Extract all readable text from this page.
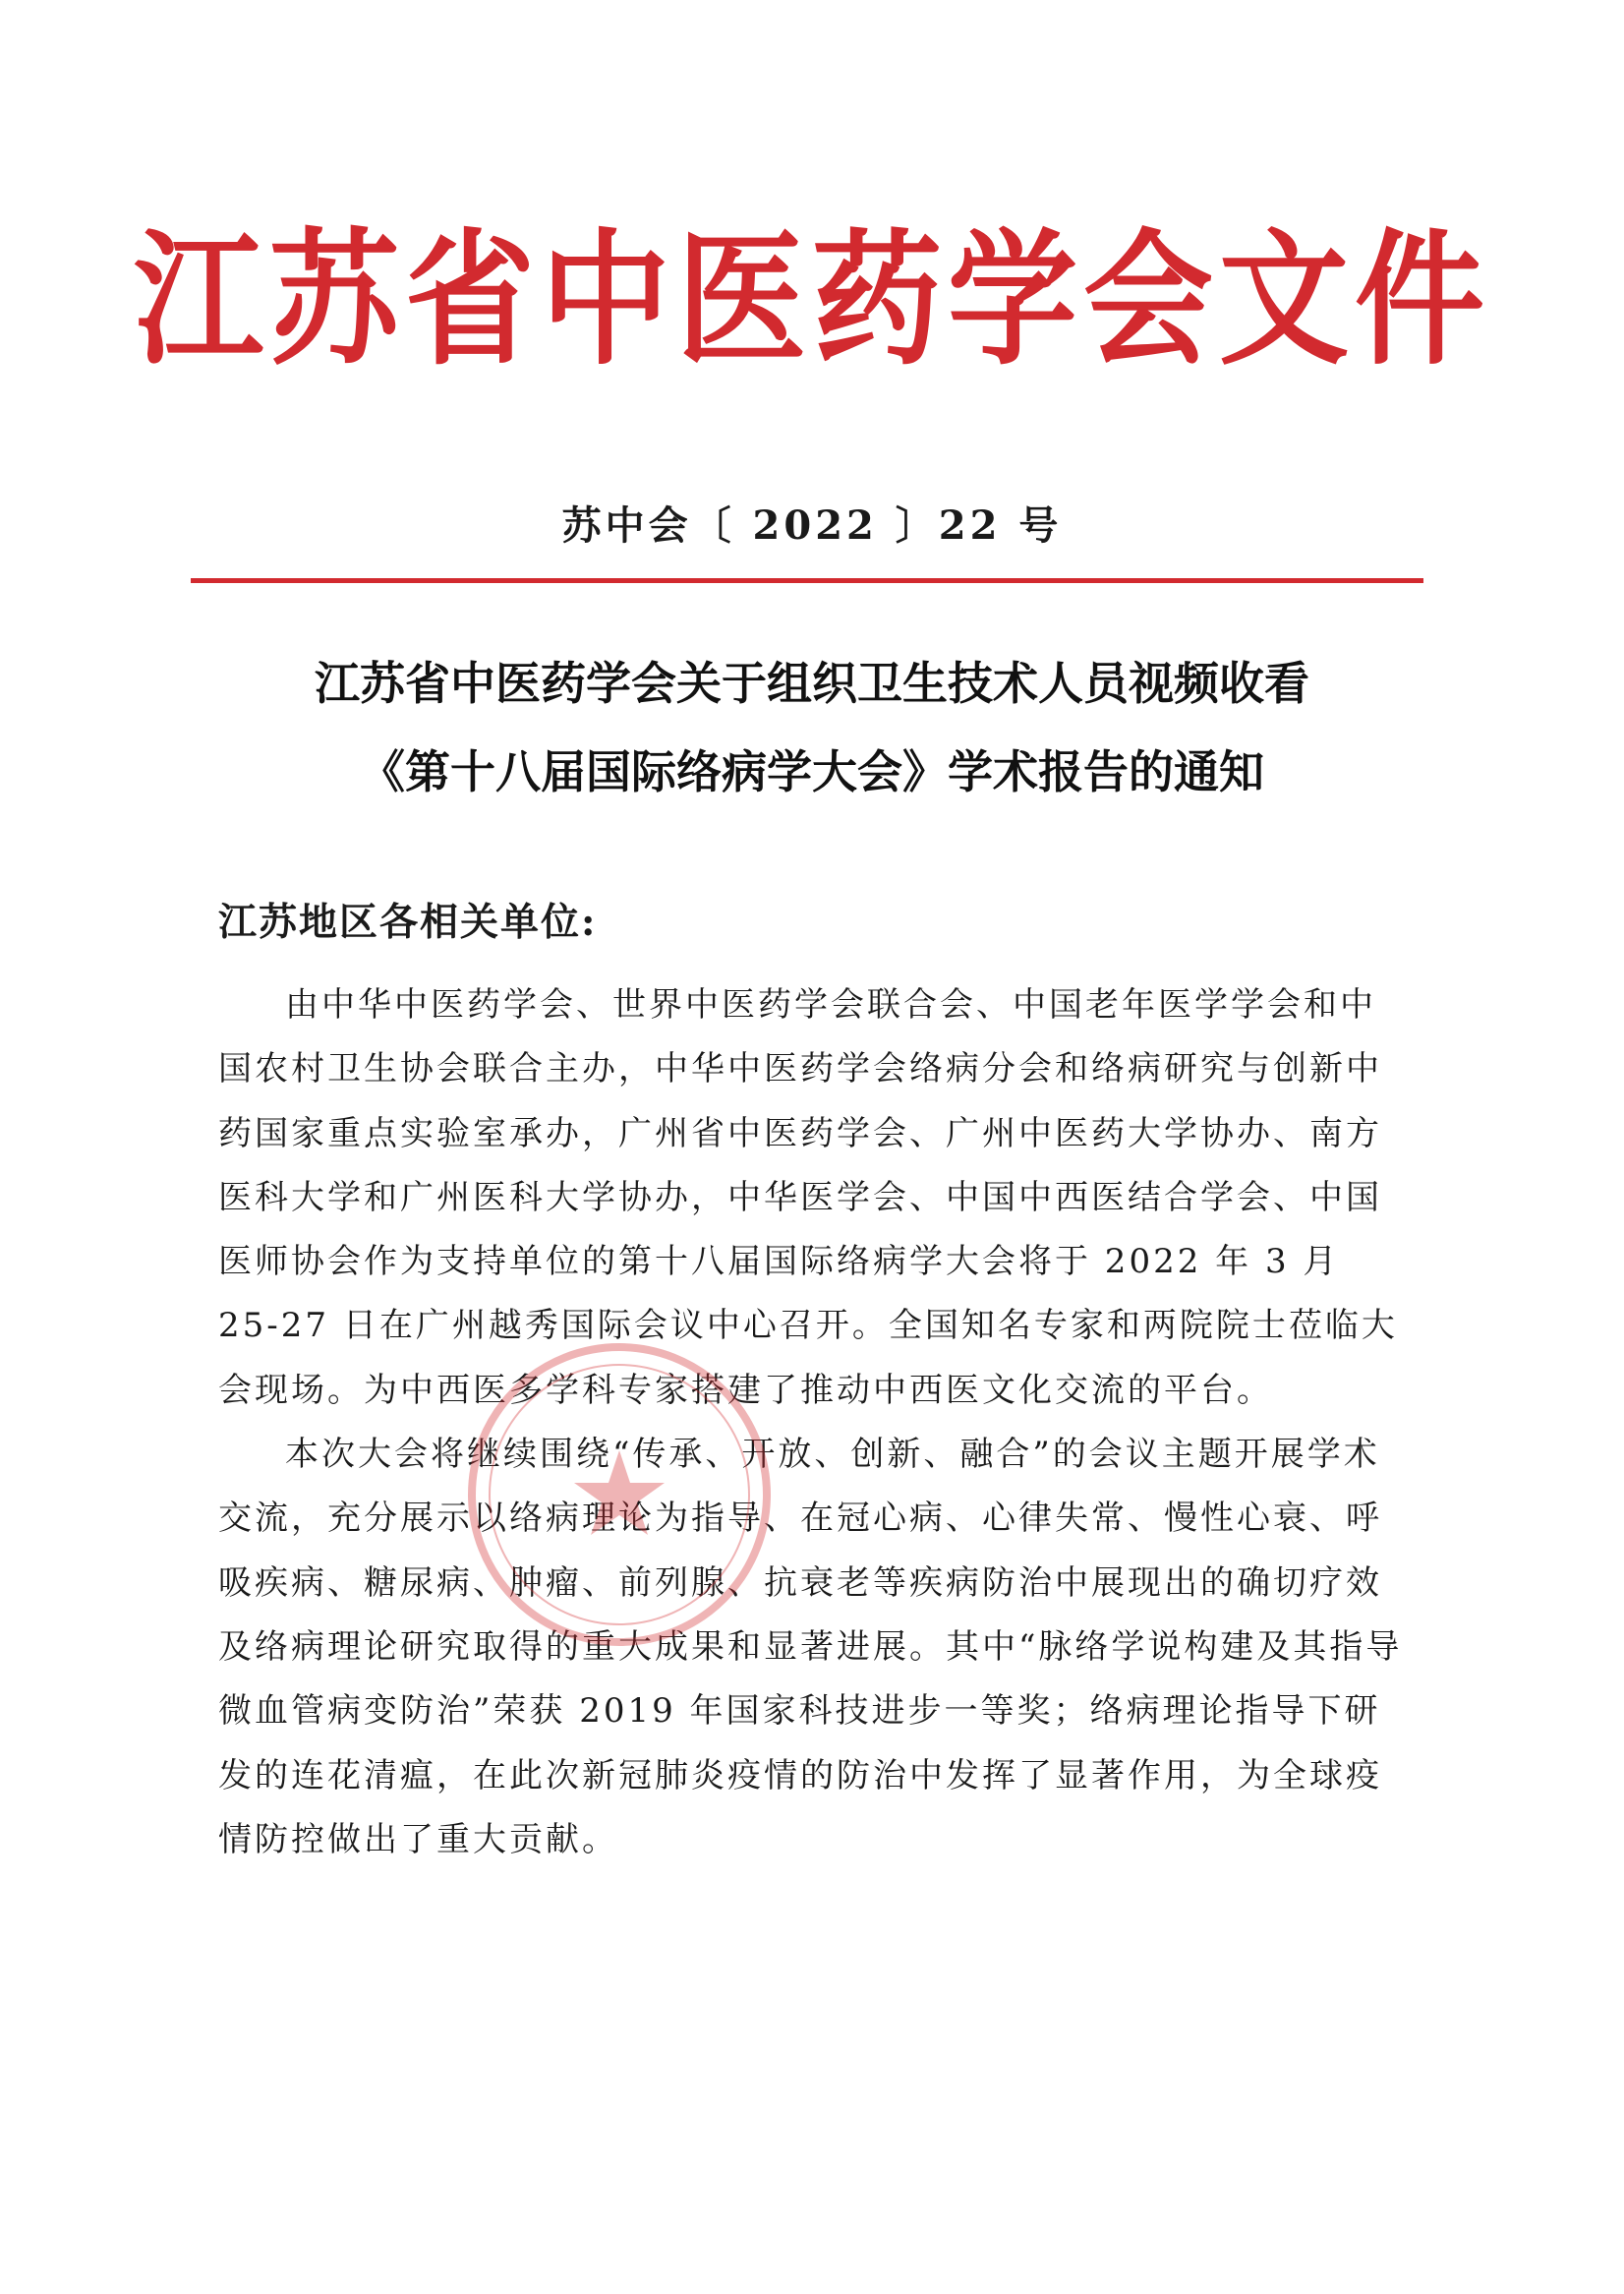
江苏省中医药学会文件
苏中会〔 2022 〕22 号
江苏省中医药学会关于组织卫生技术人员视频收看
《第十八届国际络病学大会》学术报告的通知
江苏地区各相关单位:

由中华中医药学会、世界中医药学会联合会、中国老年医学学会和中国农村卫生协会联合主办，中华中医药学会络病分会和络病研究与创新中药国家重点实验室承办，广州省中医药学会、广州中医药大学协办、南方医科大学和广州医科大学协办，中华医学会、中国中西医结合学会、中国医师协会作为支持单位的第十八届国际络病学大会将于 2022 年 3 月 25-27 日在广州越秀国际会议中心召开。全国知名专家和两院院士莅临大会现场。为中西医多学科专家搭建了推动中西医文化交流的平台。

本次大会将继续围绕“传承、开放、创新、融合”的会议主题开展学术交流，充分展示以络病理论为指导、在冠心病、心律失常、慢性心衰、呼吸疾病、糖尿病、肿瘤、前列腺、抗衰老等疾病防治中展现出的确切疗效及络病理论研究取得的重大成果和显著进展。其中“脉络学说构建及其指导微血管病变防治”荣获 2019 年国家科技进步一等奖；络病理论指导下研发的连花清瘟，在此次新冠肺炎疫情的防治中发挥了显著作用，为全球疫情防控做出了重大贡献。
